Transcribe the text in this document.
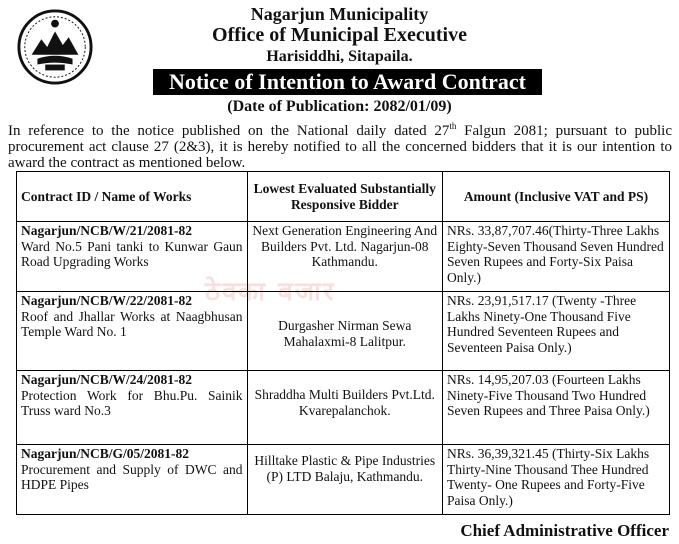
Nagarjun Municipality
Office of Municipal Executive
Harisiddhi, Sitapaila.
Notice of Intention to Award Contract
(Date of Publication: 2082/01/09)
In reference to the notice published on the National daily dated 27th Falgun 2081; pursuant to public procurement act clause 27 (2&3), it is hereby notified to all the concerned bidders that it is our intention to award the contract as mentioned below.
ठेक्का बजार
Contract ID / Name of Works	Lowest Evaluated Substantially Responsive Bidder	Amount (Inclusive VAT and PS)

Nagarjun/NCB/W/21/2081-82
Ward No.5 Pani tanki to Kunwar Gaun Road Upgrading Works	Next Generation Engineering And Builders Pvt. Ltd. Nagarjun-08 Kathmandu.	NRs. 33,87,707.46(Thirty-Three Lakhs Eighty-Seven Thousand Seven Hundred Seven Rupees and Forty-Six Paisa Only.)

Nagarjun/NCB/W/22/2081-82
Roof and Jhallar Works at Naagbhusan Temple Ward No. 1	Durgasher Nirman Sewa Mahalaxmi-8 Lalitpur.	NRs. 23,91,517.17 (Twenty -Three Lakhs Ninety-One Thousand Five Hundred Seventeen Rupees and Seventeen Paisa Only.)

Nagarjun/NCB/W/24/2081-82
Protection Work for Bhu.Pu. Sainik Truss ward No.3	Shraddha Multi Builders Pvt.Ltd. Kvarepalanchok.	NRs. 14,95,207.03 (Fourteen Lakhs Ninety-Five Thousand Two Hundred Seven Rupees and Three Paisa Only.)

Nagarjun/NCB/G/05/2081-82
Procurement and Supply of DWC and HDPE Pipes	Hilltake Plastic & Pipe Industries (P) LTD Balaju, Kathmandu.	NRs. 36,39,321.45 (Thirty-Six Lakhs Thirty-Nine Thousand Thee Hundred Twenty- One Rupees and Forty-Five Paisa Only.)
Chief Administrative Officer
